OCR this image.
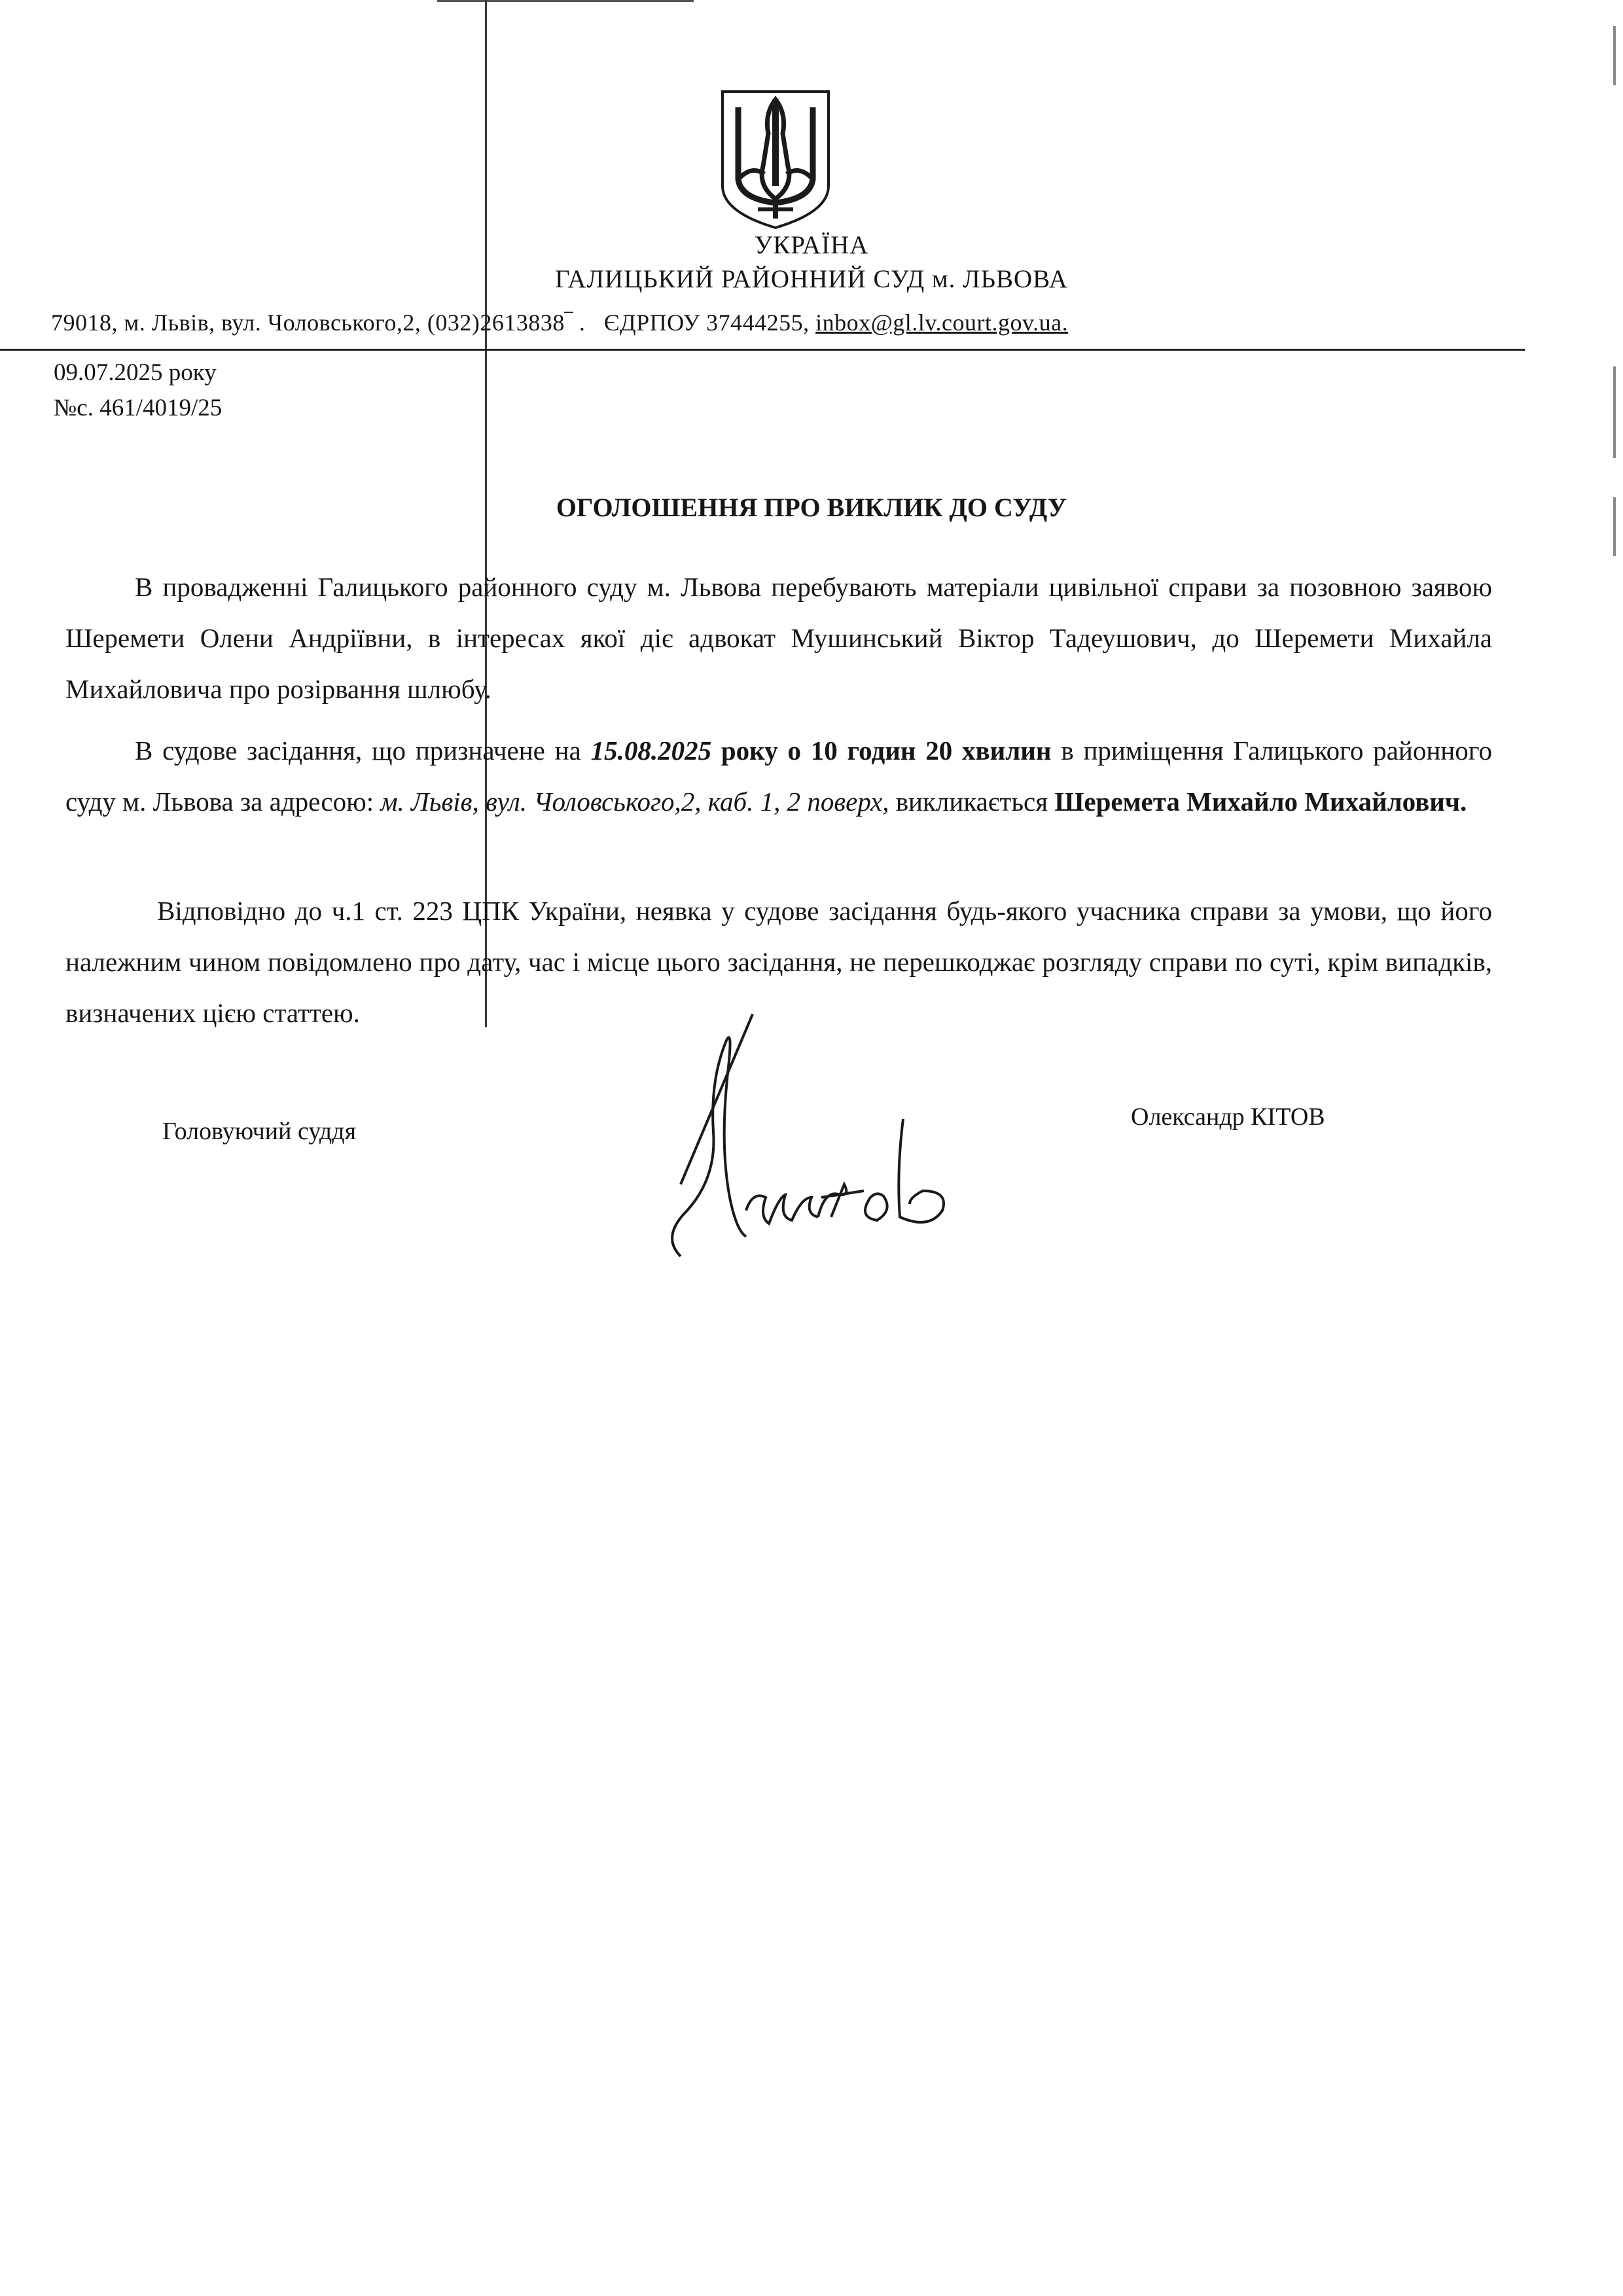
УКРАЇНА
ГАЛИЦЬКИЙ РАЙОННИЙ СУД м. ЛЬВОВА
79018, м. Львів, вул. Чоловського,2, (032)2613838‾ .   ЄДРПОУ 37444255, inbox@gl.lv.court.gov.ua.
09.07.2025 року
№с. 461/4019/25
ОГОЛОШЕННЯ ПРО ВИКЛИК ДО СУДУ
В провадженні Галицького районного суду м. Львова перебувають матеріали цивільної справи за позовною заявою Шеремети Олени Андріївни, в інтересах якої діє адвокат Мушинський Віктор Тадеушович, до Шеремети Михайла Михайловича про розірвання шлюбу.
В судове засідання, що призначене на 15.08.2025 року о 10 годин 20 хвилин в приміщення Галицького районного суду м. Львова за адресою: м. Львів, вул. Чоловського,2, каб. 1, 2 поверх, викликається Шеремета Михайло Михайлович.
Відповідно до ч.1 ст. 223 ЦПК України, неявка у судове засідання будь-якого учасника справи за умови, що його належним чином повідомлено про дату, час і місце цього засідання, не перешкоджає розгляду справи по суті, крім випадків, визначених цією статтею.
Головуючий суддя
Олександр КІТОВ
